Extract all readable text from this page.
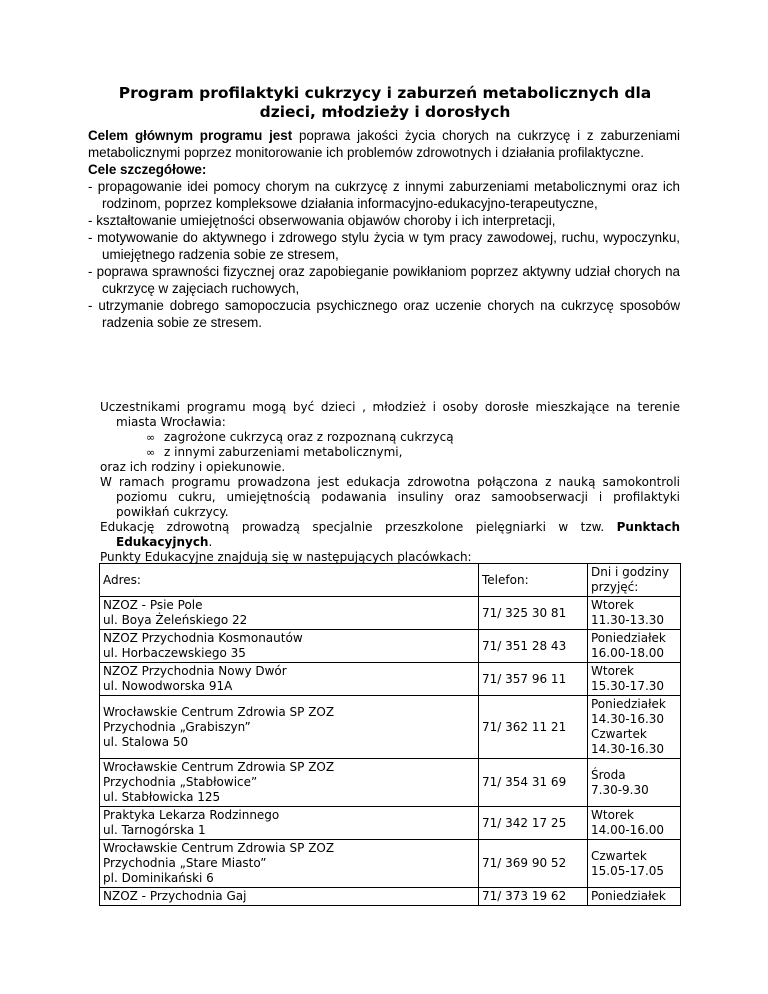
Program profilaktyki cukrzycy i zaburzeń metabolicznych dla
dzieci, młodzieży i dorosłych

Celem głównym programu jest poprawa jakości życia chorych na cukrzycę i z zaburzeniami metabolicznymi poprzez monitorowanie ich problemów zdrowotnych i działania profilaktyczne.

Cele szczegółowe:

- propagowanie idei pomocy chorym na cukrzycę z innymi zaburzeniami metabolicznymi oraz ich rodzinom, poprzez kompleksowe działania informacyjno-edukacyjno-terapeutyczne,
- kształtowanie umiejętności obserwowania objawów choroby i ich interpretacji,
- motywowanie do aktywnego i zdrowego stylu życia w tym pracy zawodowej, ruchu, wypoczynku, umiejętnego radzenia sobie ze stresem,
- poprawa sprawności fizycznej oraz zapobieganie powikłaniom poprzez aktywny udział chorych na cukrzycę w zajęciach ruchowych,
- utrzymanie dobrego samopoczucia psychicznego oraz uczenie chorych na cukrzycę sposobów radzenia sobie ze stresem.

Uczestnikami programu mogą być dzieci , młodzież i osoby dorosłe mieszkające na terenie miasta Wrocławia:

∞ zagrożone cukrzycą oraz z rozpoznaną cukrzycą
∞ z innymi zaburzeniami metabolicznymi,

oraz ich rodziny i opiekunowie.

W ramach programu prowadzona jest edukacja zdrowotna połączona z nauką samokontroli poziomu cukru, umiejętnością podawania insuliny oraz samoobserwacji i profilaktyki powikłań cukrzycy.

Edukację zdrowotną prowadzą specjalnie przeszkolone pielęgniarki w tzw. Punktach Edukacyjnych.

Punkty Edukacyjne znajdują się w następujących placówkach:

Adres:	Telefon:	Dni i godziny
przyjęć:

NZOZ - Psie Pole
ul. Boya Żeleńskiego 22	71/ 325 30 81	Wtorek
11.30-13.30

NZOZ Przychodnia Kosmonautów
ul. Horbaczewskiego 35	71/ 351 28 43	Poniedziałek
16.00-18.00

NZOZ Przychodnia Nowy Dwór
ul. Nowodworska 91A	71/ 357 96 11	Wtorek
15.30-17.30

Wrocławskie Centrum Zdrowia SP ZOZ
Przychodnia „Grabiszyn”
ul. Stalowa 50	71/ 362 11 21	Poniedziałek
14.30-16.30
Czwartek
14.30-16.30

Wrocławskie Centrum Zdrowia SP ZOZ
Przychodnia „Stabłowice”
ul. Stabłowicka 125	71/ 354 31 69	Środa
7.30-9.30

Praktyka Lekarza Rodzinnego
ul. Tarnogórska 1	71/ 342 17 25	Wtorek
14.00-16.00

Wrocławskie Centrum Zdrowia SP ZOZ
Przychodnia „Stare Miasto”
pl. Dominikański 6	71/ 369 90 52	Czwartek
15.05-17.05

NZOZ - Przychodnia Gaj	71/ 373 19 62	Poniedziałek
